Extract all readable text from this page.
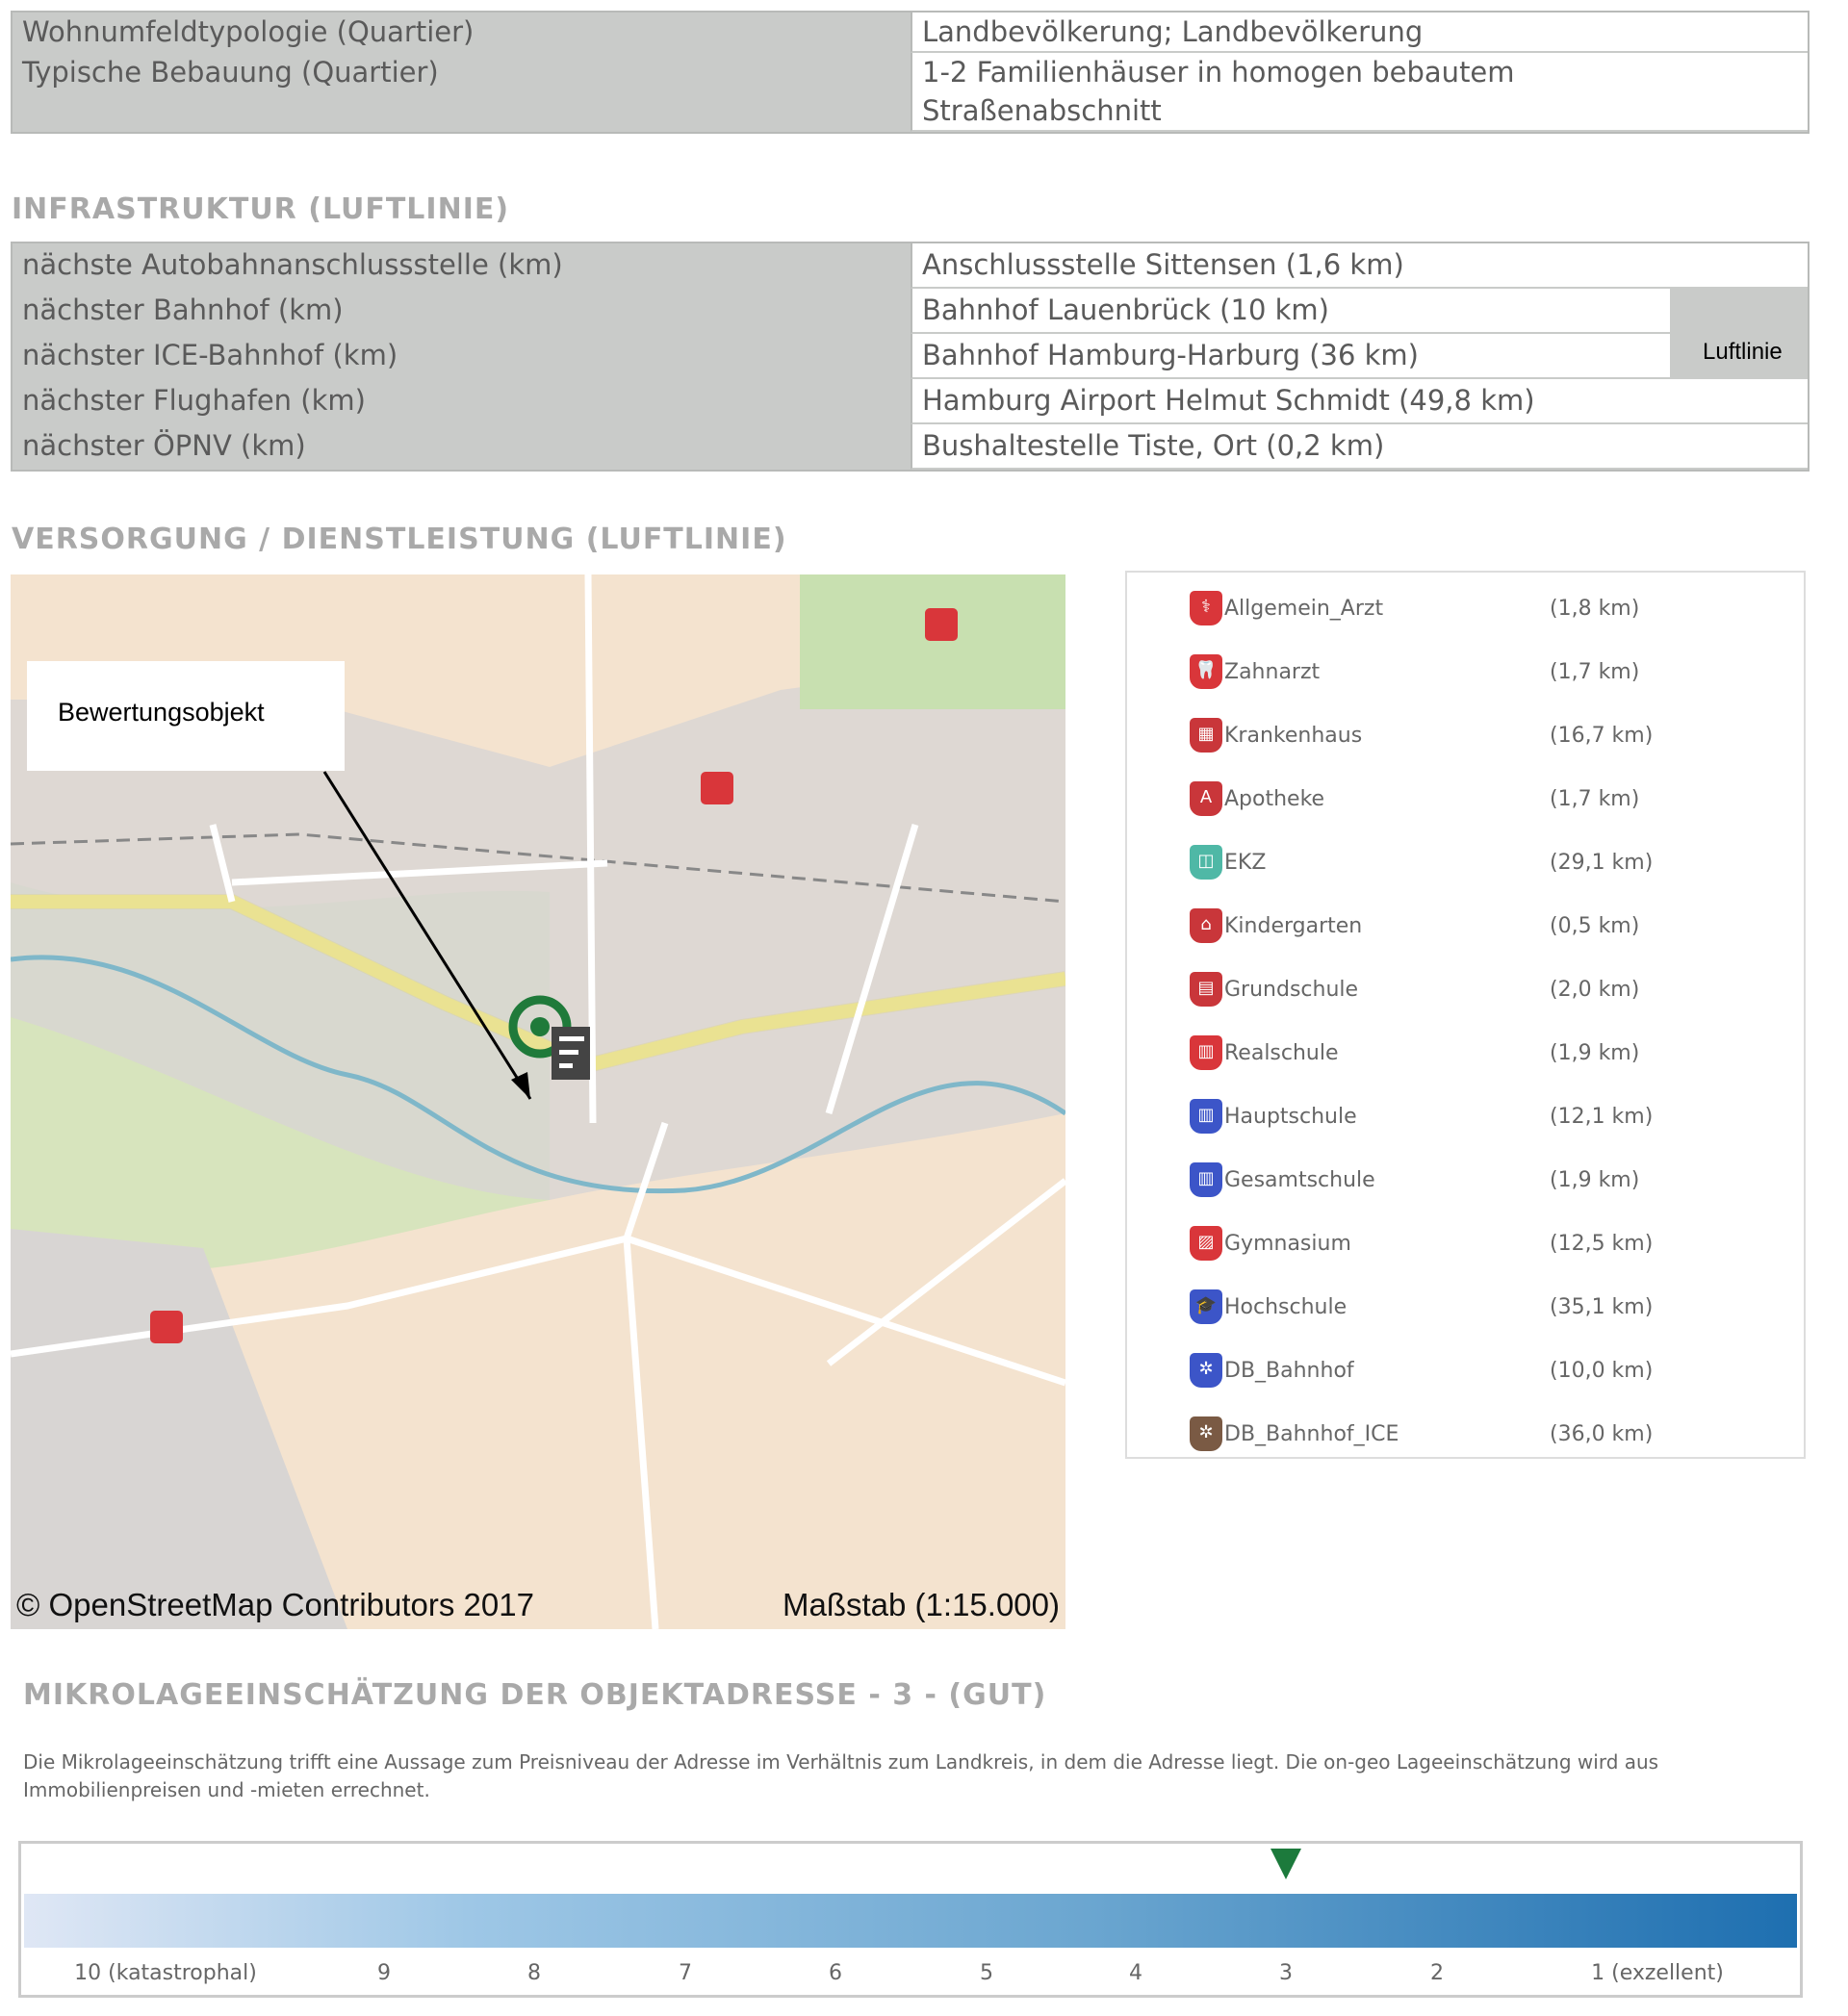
Wohnumfeldtypologie (Quartier)	Landbevölkerung; Landbevölkerung
Typische Bebauung (Quartier)	1-2 Familienhäuser in homogen bebautem Straßenabschnitt
INFRASTRUKTUR (LUFTLINIE)
nächste Autobahnanschlussstelle (km)	Anschlussstelle Sittensen (1,6 km)
nächster Bahnhof (km)	Bahnhof Lauenbrück (10 km)
nächster ICE-Bahnhof (km)	Bahnhof Hamburg-Harburg (36 km)
nächster Flughafen (km)	Hamburg Airport Helmut Schmidt (49,8 km)
nächster ÖPNV (km)	Bushaltestelle Tiste, Ort (0,2 km)
Luftlinie
VERSORGUNG / DIENSTLEISTUNG (LUFTLINIE)
Bewertungsobjekt
© OpenStreetMap Contributors 2017	Maßstab (1:15.000)
⚕ Allgemein_Arzt	(1,8 km)
🦷 Zahnarzt	(1,7 km)
▦ Krankenhaus	(16,7 km)
A Apotheke	(1,7 km)
◫ EKZ	(29,1 km)
⌂ Kindergarten	(0,5 km)
▤ Grundschule	(2,0 km)
▥ Realschule	(1,9 km)
▥ Hauptschule	(12,1 km)
▥ Gesamtschule	(1,9 km)
▨ Gymnasium	(12,5 km)
🎓 Hochschule	(35,1 km)
✲ DB_Bahnhof	(10,0 km)
✲ DB_Bahnhof_ICE	(36,0 km)
MIKROLAGEEINSCHÄTZUNG DER OBJEKTADRESSE - 3 - (GUT)
Die Mikrolageeinschätzung trifft eine Aussage zum Preisniveau der Adresse im Verhältnis zum Landkreis, in dem die Adresse liegt. Die on-geo Lageeinschätzung wird aus Immobilienpreisen und -mieten errechnet.
10 (katastrophal)	9	8	7	6	5	4	3	2	1 (exzellent)
